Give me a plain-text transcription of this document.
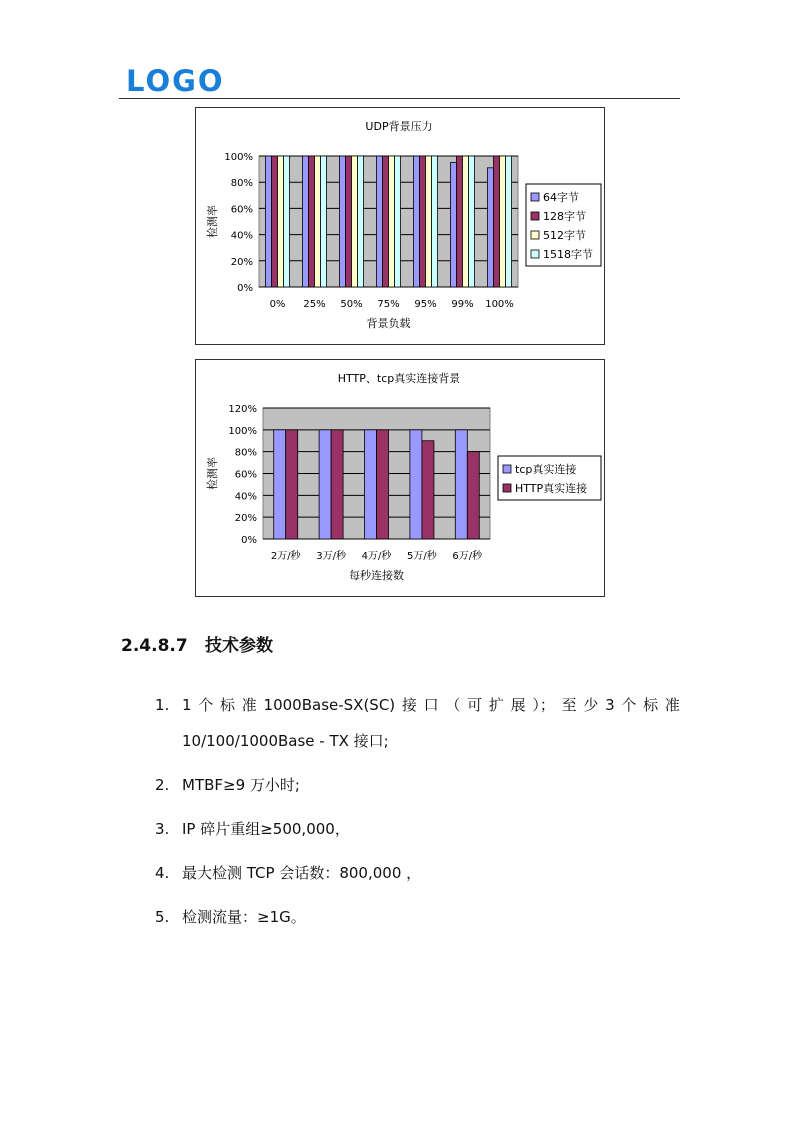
LOGO
UDP背景压力
0%
20%
40%
60%
80%
100%
0% 25% 50% 75% 95% 99% 100%
背景负载
检测率
64字节
128字节
512字节
1518字节
HTTP、tcp真实连接背景
0%
20%
40%
60%
80%
100%
120%
2万/秒 3万/秒 4万/秒 5万/秒 6万/秒
每秒连接数
检测率	tcp真实连接
HTTP真实连接
2.4.8.7 技术参数
1. 1 个 标 准 1000Base-SX(SC) 接 口 （ 可 扩 展 ）； 至 少 3 个 标 准
10/100/1000Base - TX 接口;
2. MTBF≥9 万小时;
3. IP 碎片重组≥500,000，
4. 最大检测 TCP 会话数：800,000 ，
5. 检测流量：≥1G。
